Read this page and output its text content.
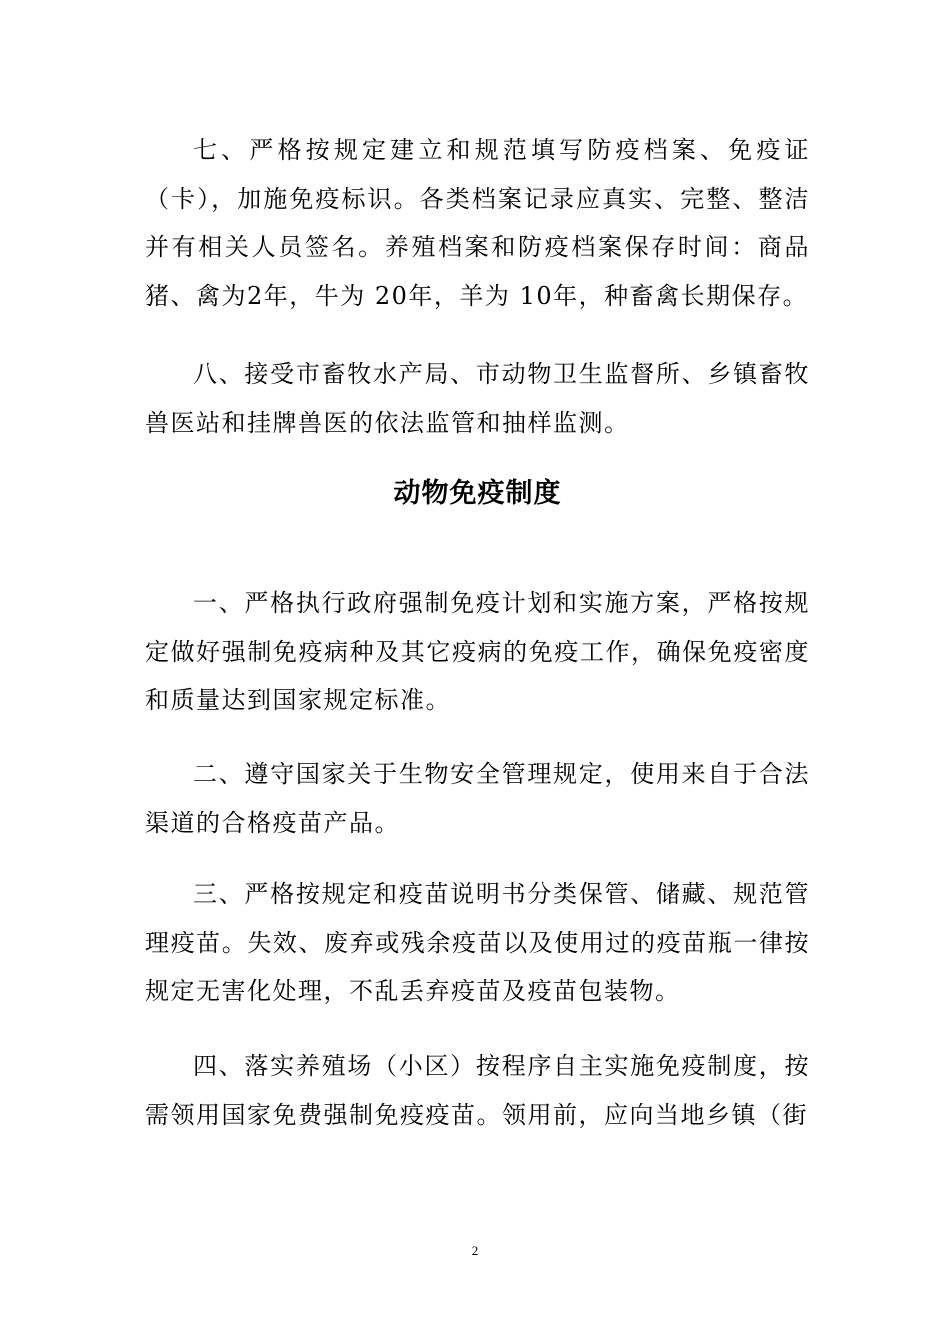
七、严格按规定建立和规范填写防疫档案、免疫证（卡），加施免疫标识。各类档案记录应真实、完整、整洁并有相关人员签名。养殖档案和防疫档案保存时间：商品猪、禽为2年，牛为 20年，羊为 10年，种畜禽长期保存。

八、接受市畜牧水产局、市动物卫生监督所、乡镇畜牧兽医站和挂牌兽医的依法监管和抽样监测。

动物免疫制度

一、严格执行政府强制免疫计划和实施方案，严格按规定做好强制免疫病种及其它疫病的免疫工作，确保免疫密度和质量达到国家规定标准。

二、遵守国家关于生物安全管理规定，使用来自于合法渠道的合格疫苗产品。

三、严格按规定和疫苗说明书分类保管、储藏、规范管理疫苗。失效、废弃或残余疫苗以及使用过的疫苗瓶一律按规定无害化处理，不乱丢弃疫苗及疫苗包装物。

四、落实养殖场（小区）按程序自主实施免疫制度，按需领用国家免费强制免疫疫苗。领用前，应向当地乡镇（街

2
